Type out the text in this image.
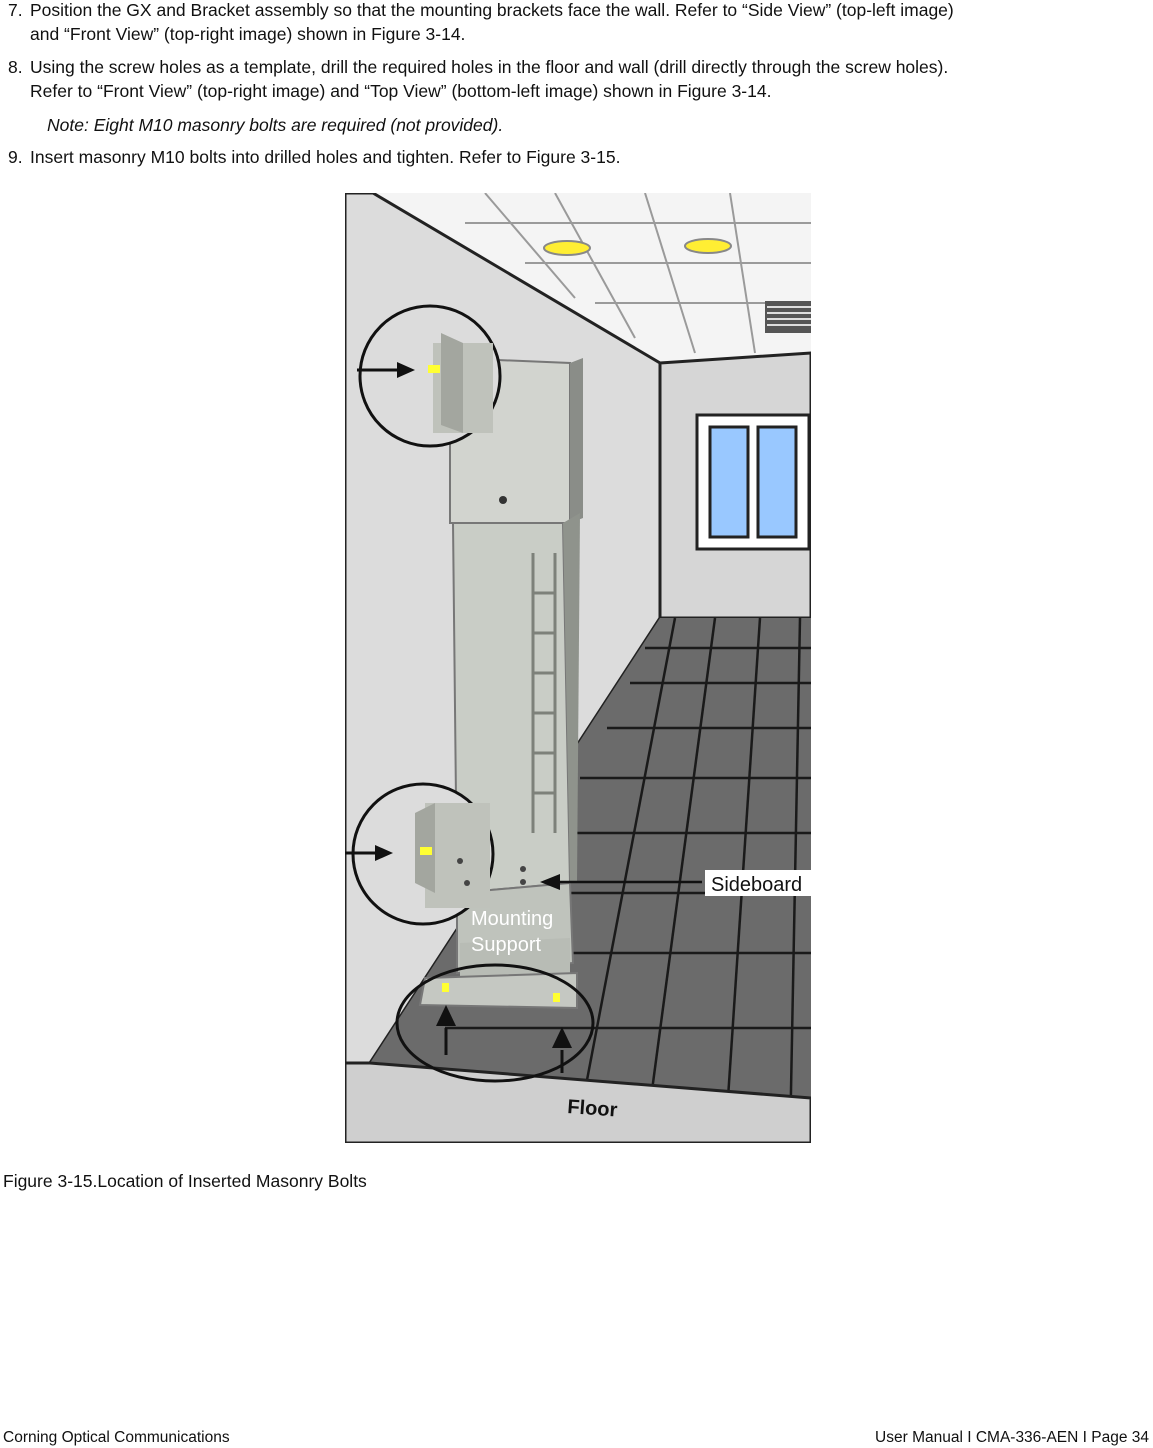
7. Position the GX and Bracket assembly so that the mounting brackets face the wall. Refer to “Side View” (top-left image)
and “Front View” (top-right image) shown in Figure 3-14.
8. Using the screw holes as a template, drill the required holes in the floor and wall (drill directly through the screw holes).
Refer to “Front View” (top-right image) and “Top View” (bottom-left image) shown in Figure 3-14.
Note: Eight M10 masonry bolts are required (not provided).
9. Insert masonry M10 bolts into drilled holes and tighten. Refer to Figure 3-15.
Mounting
Support
Sideboard
Floor
Figure 3-15.Location of Inserted Masonry Bolts
Corning Optical Communications	User Manual I CMA-336-AEN I Page 34
